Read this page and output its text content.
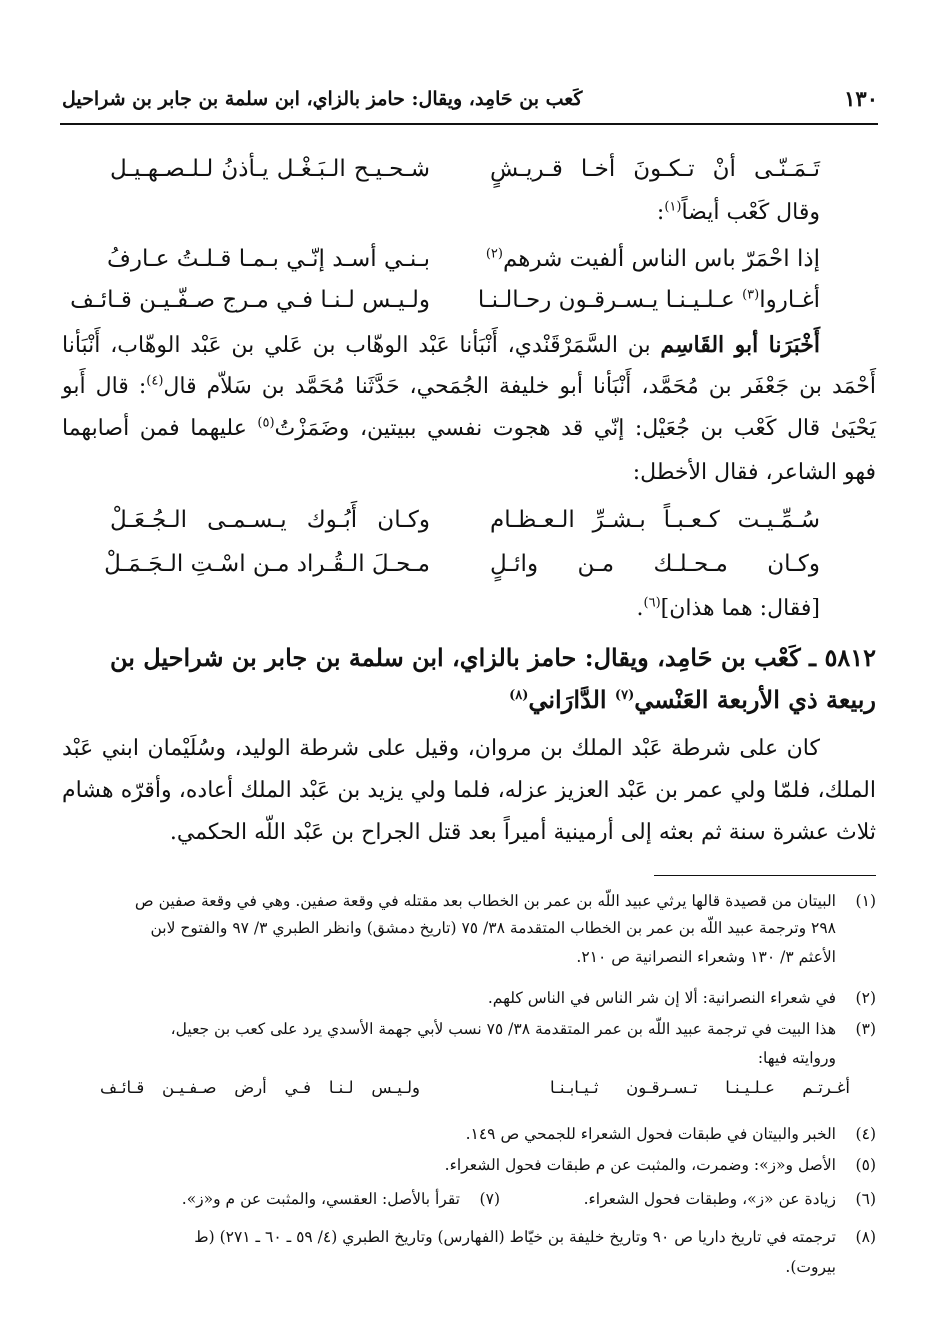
١٣٠
كَعب بن حَامِد، ويقال: حامز بالزاي، ابن سلمة بن جابر بن شراحيل
تَـمَـنّـى أنْ تـكـونَ أخـا قـريـشٍ
شـحـيـح الـبَـغْـل يـأذنُ لـلـصـهـيـل
وقال كَعْب أيضاً$^{(١)}$:
إذا احْمَرّ باس الناس ألفيت شرهم$^{(٢)}$
بـنـي أسـد إنّـي بـمـا قـلـتُ عـارفُ
أغـاروا$^{(٣)}$ عـلـيـنـا يـسـرقـون رحـالـنـا
ولـيـس لـنـا فـي مـرج صـفّـيـن قـائـف
أَخْبَرَنا أبو القَاسِم بن السَّمَرْقَنْدي، أَنْبَأنا عَبْد الوهّاب بن عَلي بن عَبْد الوهّاب، أَنْبَأنا
أَحْمَد بن جَعْفَر بن مُحَمَّد، أَنْبَأنا أبو خليفة الجُمَحي، حَدَّثَنا مُحَمَّد بن سَلاّم قال$^{(٤)}$: قال أَبو
يَحْيَىٰ قال كَعْب بن جُعَيْل: إنّي قد هجوت نفسي ببيتين، وضَمَزْتُ$^{(٥)}$ عليهما فمن أصابهما
فهو الشاعر، فقال الأخطل:
سُـمِّـيـت كـعـبـاً بـشـرِّ الـعـظـام
وكـان أَبُـوك يـسـمـى الـجُـعَـلْ
وكـان مـحـلـك مـن وائـلٍ
مـحـلَ الـقُـراد مـن اسْـتِ الـجَـمَـلْ
[فقال: هما هذان]$^{(٦)}$.
٥٨١٢ ـ كَعْب بن حَامِد، ويقال: حامز بالزاي، ابن سلمة بن جابر بن شراحيل بن
ربيعة ذي الأربعة العَنْسي$^{(٧)}$ الدَّارَاني$^{(٨)}$
كان على شرطة عَبْد الملك بن مروان، وقيل على شرطة الوليد، وسُلَيْمان ابني عَبْد
الملك، فلمّا ولي عمر بن عَبْد العزيز عزله، فلما ولي يزيد بن عَبْد الملك أعاده، وأقرّه هشام
ثلاث عشرة سنة ثم بعثه إلى أرمينية أميراً بعد قتل الجراح بن عَبْد اللّه الحكمي.
(١)البيتان من قصيدة قالها يرثي عبيد اللّه بن عمر بن الخطاب بعد مقتله في وقعة صفين. وهي في وقعة صفين ص
٢٩٨ وترجمة عبيد اللّه بن عمر بن الخطاب المتقدمة ٣٨/ ٧٥ (تاريخ دمشق) وانظر الطبري ٣/ ٩٧ والفتوح لابن
الأعثم ٣/ ١٣٠ وشعراء النصرانية ص ٢١٠.
(٢)في شعراء النصرانية: ألا إن شر الناس في الناس كلهم.
(٣)هذا البيت في ترجمة عبيد اللّه بن عمر المتقدمة ٣٨/ ٧٥ نسب لأبي جهمة الأسدي يرد على كعب بن جعيل،
وروايته فيها:
أغـرتـم عـلـيـنـا تـسـرقـون ثـيـابـنـا
ولـيـس لـنـا فـي أرض صـفـيـن قـائـف
(٤)الخبر والبيتان في طبقات فحول الشعراء للجمحي ص ١٤٩.
(٥)الأصل و«ز»: وضمرت، والمثبت عن م طبقات فحول الشعراء.
(٦)زيادة عن «ز»، وطبقات فحول الشعراء.
(٧)تقرأ بالأصل: العقسي، والمثبت عن م و«ز».
(٨)ترجمته في تاريخ داريا ص ٩٠ وتاريخ خليفة بن خيّاط (الفهارس) وتاريخ الطبري (٤/ ٥٩ ـ ٦٠ ـ ٢٧١) (ط
بيروت).
